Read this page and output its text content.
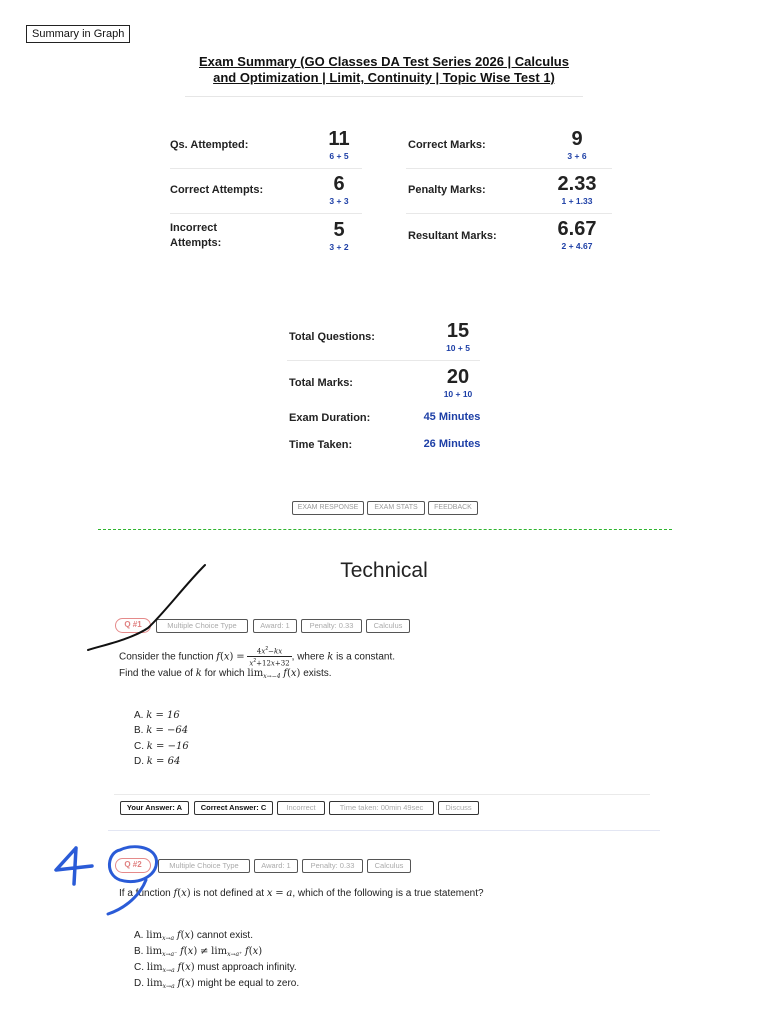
Summary in Graph
Exam Summary (GO Classes DA Test Series 2026 | Calculus
and Optimization | Limit, Continuity | Topic Wise Test 1)
Qs. Attempted:	11
6 + 5
Correct Attempts:	6
3 + 3
Incorrect
Attempts:
5
3 + 2
Correct Marks:	9
3 + 6
Penalty Marks:	2.33
1 + 1.33
Resultant Marks:	6.67
2 + 4.67
Total Questions:	15
10 + 5
Total Marks:	20
10 + 10
Exam Duration:	45 Minutes
Time Taken:	26 Minutes
EXAM RESPONSE	EXAM STATS	FEEDBACK
Technical
Q #1	Multiple Choice Type	Award: 1	Penalty: 0.33	Calculus
Consider the function $f(x) = \frac{4x^2-kx}{x^2+12x+32}$ , where k is a constant.
Find the value of k for which $\lim_{x\to-4} f(x)$ exists.
A. k = 16
B. k = −64
C. k = −16
D. k = 64
Your Answer: A	Correct Answer: C	Incorrect	Time taken: 00min 49sec	Discuss
Q #2	Multiple Choice Type	Award: 1	Penalty: 0.33	Calculus
If a function f(x) is not defined at x = a, which of the following is a true statement?
A. $\lim_{x\to a} f(x)$ cannot exist.
B. $\lim_{x\to a^-} f(x) \ne \lim_{x\to a^+} f(x)$
C. $\lim_{x\to a} f(x)$ must approach infinity.
D. $\lim_{x\to a} f(x)$ might be equal to zero.
